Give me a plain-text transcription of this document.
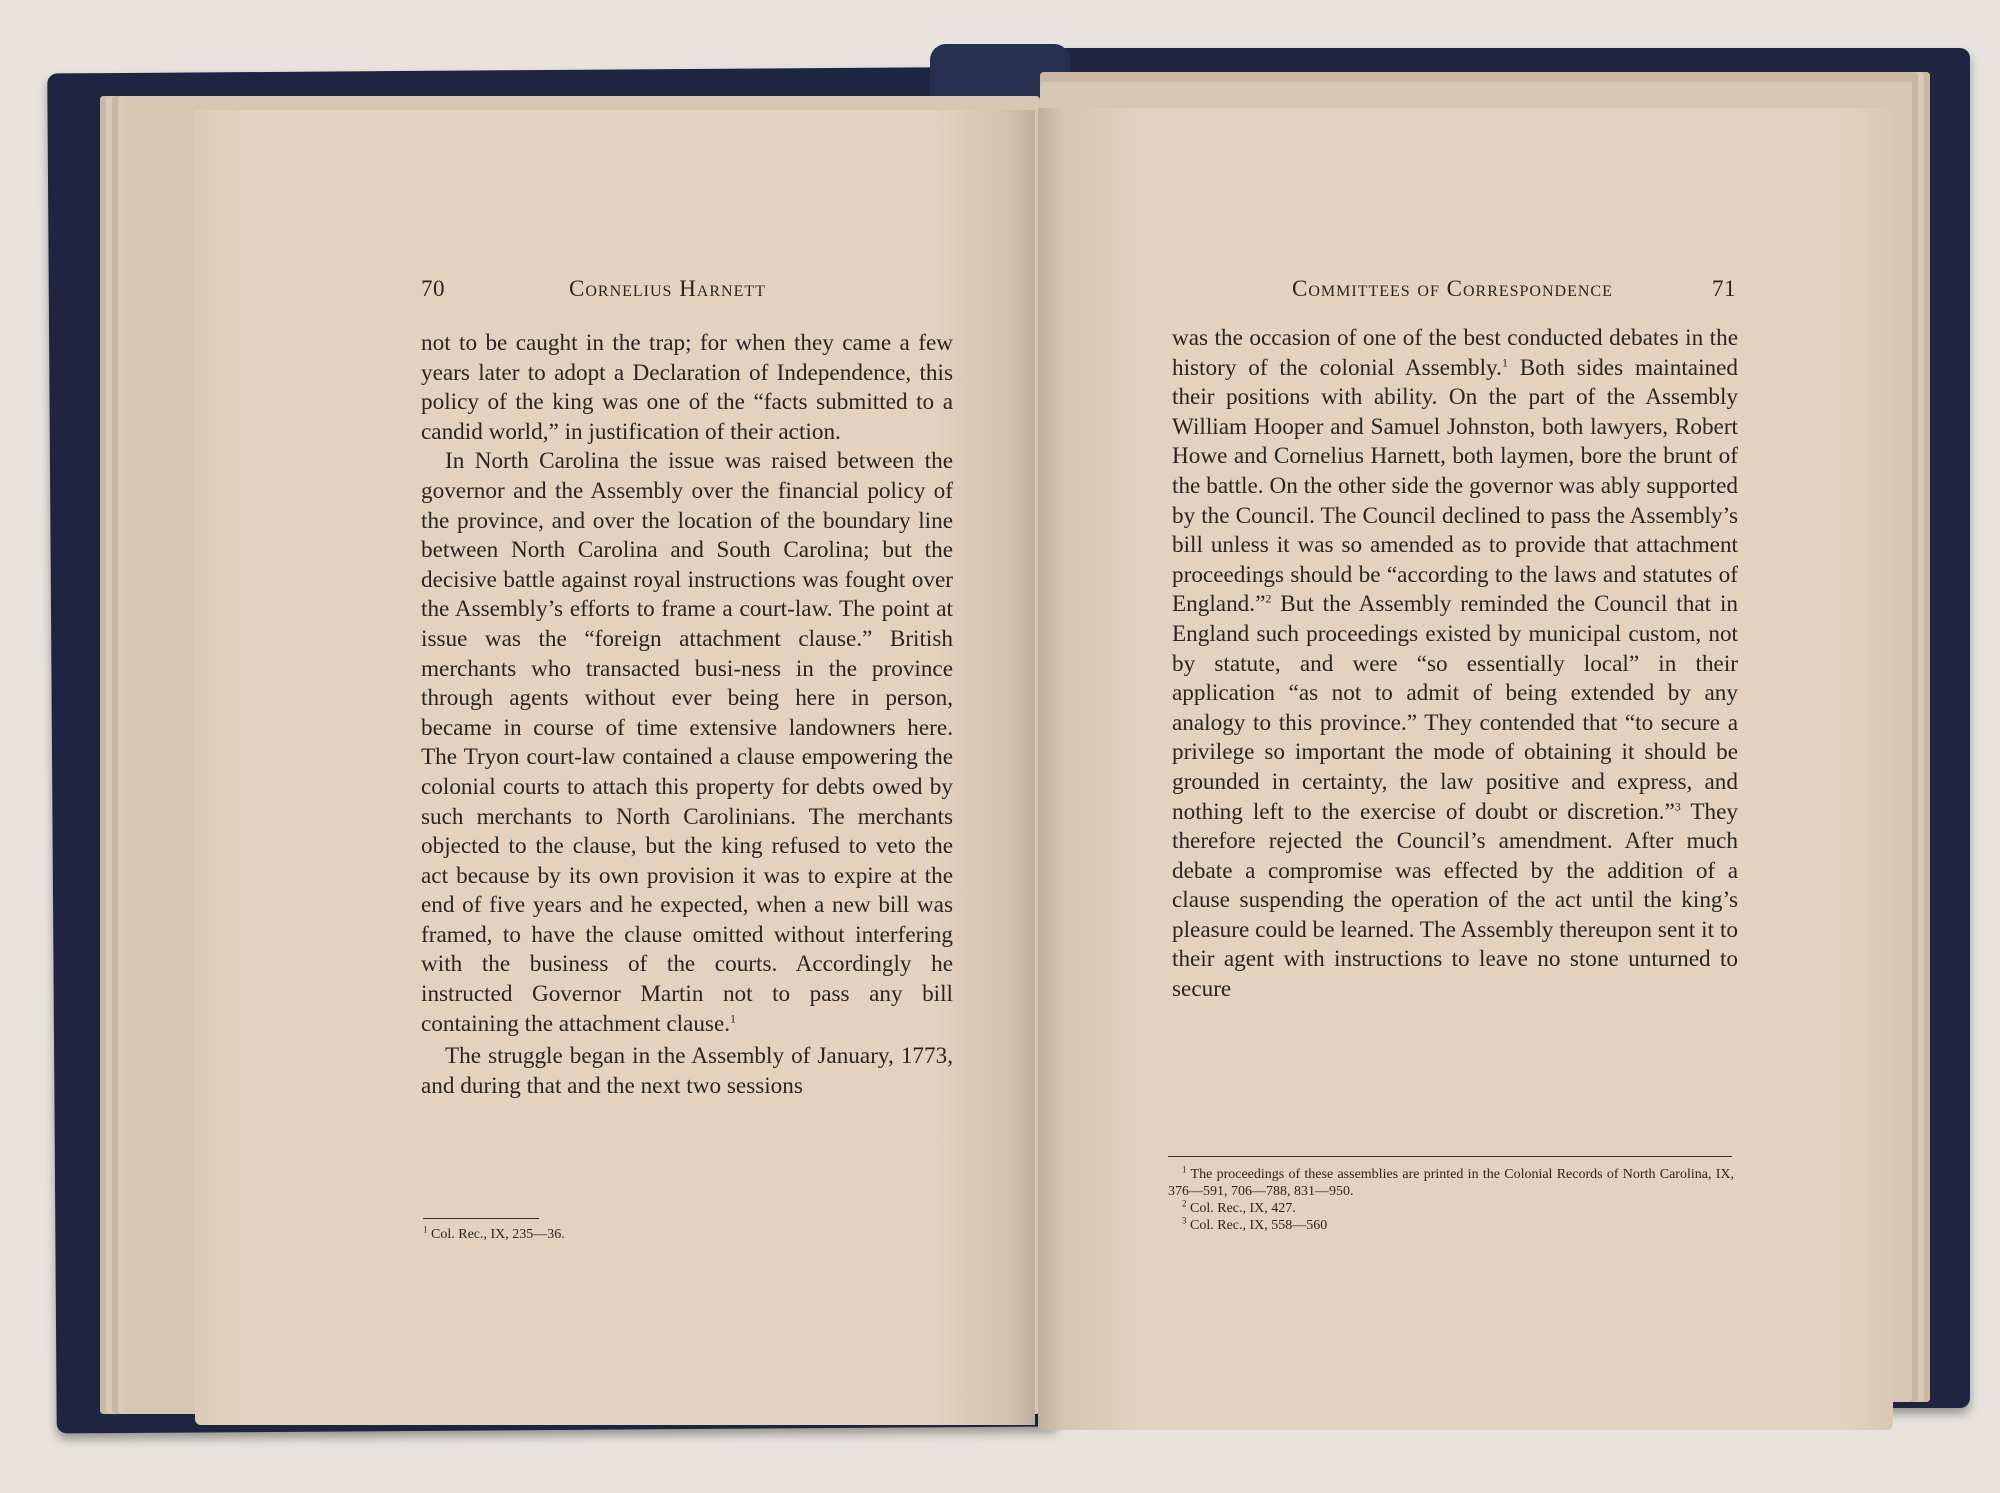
70	Cornelius Harnett

not to be caught in the trap; for when they came a few years later to adopt a Declaration of Independence, this policy of the king was one of the “facts submitted to a candid world,” in justification of their action.

In North Carolina the issue was raised between the governor and the Assembly over the financial policy of the province, and over the location of the boundary line between North Carolina and South Carolina; but the decisive battle against royal instructions was fought over the Assembly’s efforts to frame a court-law. The point at issue was the “foreign attachment clause.” British merchants who transacted busi-ness in the province through agents without ever being here in person, became in course of time extensive landowners here. The Tryon court-law contained a clause empowering the colonial courts to attach this property for debts owed by such merchants to North Carolinians. The merchants objected to the clause, but the king refused to veto the act because by its own provision it was to expire at the end of five years and he expected, when a new bill was framed, to have the clause omitted without interfering with the business of the courts. Accordingly he instructed Governor Martin not to pass any bill containing the attachment clause.$^1$

The struggle began in the Assembly of January, 1773, and during that and the next two sessions

$^1$ Col. Rec., IX, 235—36.
Committees of Correspondence	71

was the occasion of one of the best conducted debates in the history of the colonial Assembly.$^1$ Both sides maintained their positions with ability. On the part of the Assembly William Hooper and Samuel Johnston, both lawyers, Robert Howe and Cornelius Harnett, both laymen, bore the brunt of the battle. On the other side the governor was ably supported by the Council. The Council declined to pass the Assembly’s bill unless it was so amended as to provide that attachment proceedings should be “according to the laws and statutes of England.”$^2$ But the Assembly reminded the Council that in England such proceedings existed by municipal custom, not by statute, and were “so essentially local” in their application “as not to admit of being extended by any analogy to this province.” They contended that “to secure a privilege so important the mode of obtaining it should be grounded in certainty, the law positive and express, and nothing left to the exercise of doubt or discretion.”$^3$ They therefore rejected the Council’s amendment. After much debate a compromise was effected by the addition of a clause suspending the operation of the act until the king’s pleasure could be learned. The Assembly thereupon sent it to their agent with instructions to leave no stone unturned to secure

$^1$ The proceedings of these assemblies are printed in the Colonial Records of North Carolina, IX, 376—591, 706—788, 831—950.
$^2$ Col. Rec., IX, 427.
$^3$ Col. Rec., IX, 558—560
